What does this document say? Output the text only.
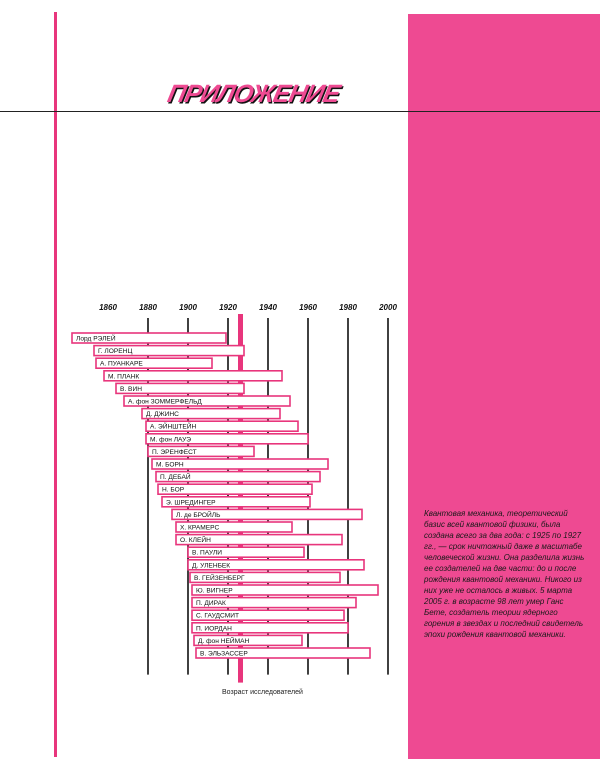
ПРИЛОЖЕНИЕ

Квантовая механика, теоретический базис всей квантовой физики, была создана всего за два года: с 1925 по 1927 гг., — срок ничтожный даже в масштабе человеческой жизни. Она разделила жизнь ее создателей на две части: до и после рождения квантовой механики. Никого из них уже не осталось в живых. 5 марта 2005 г. в возрасте 98 лет умер Ганс Бете, создатель теории ядерного горения в звездах и последний свидетель эпохи рождения квантовой механики.

1860	1880	1900	1920	1940	1960	1980	2000
Лорд РЭЛЕЙ
Г. ЛОРЕНЦ
А. ПУАНКАРЕ
М. ПЛАНК
В. ВИН
А. фон ЗОММЕРФЕЛЬД
Д. ДЖИНС
А. ЭЙНШТЕЙН
М. фон ЛАУЭ
П. ЭРЕНФЕСТ
М. БОРН
П. ДЕБАЙ
Н. БОР
Э. ШРЕДИНГЕР
Л. де БРОЙЛЬ
Х. КРАМЕРС
О. КЛЕЙН
В. ПАУЛИ
Д. УЛЕНБЕК
В. ГЕЙЗЕНБЕРГ
Ю. ВИГНЕР
П. ДИРАК
С. ГАУДСМИТ
П. ИОРДАН
Д. фон НЕЙМАН
В. ЭЛЬЗАССЕР
Возраст исследователей
